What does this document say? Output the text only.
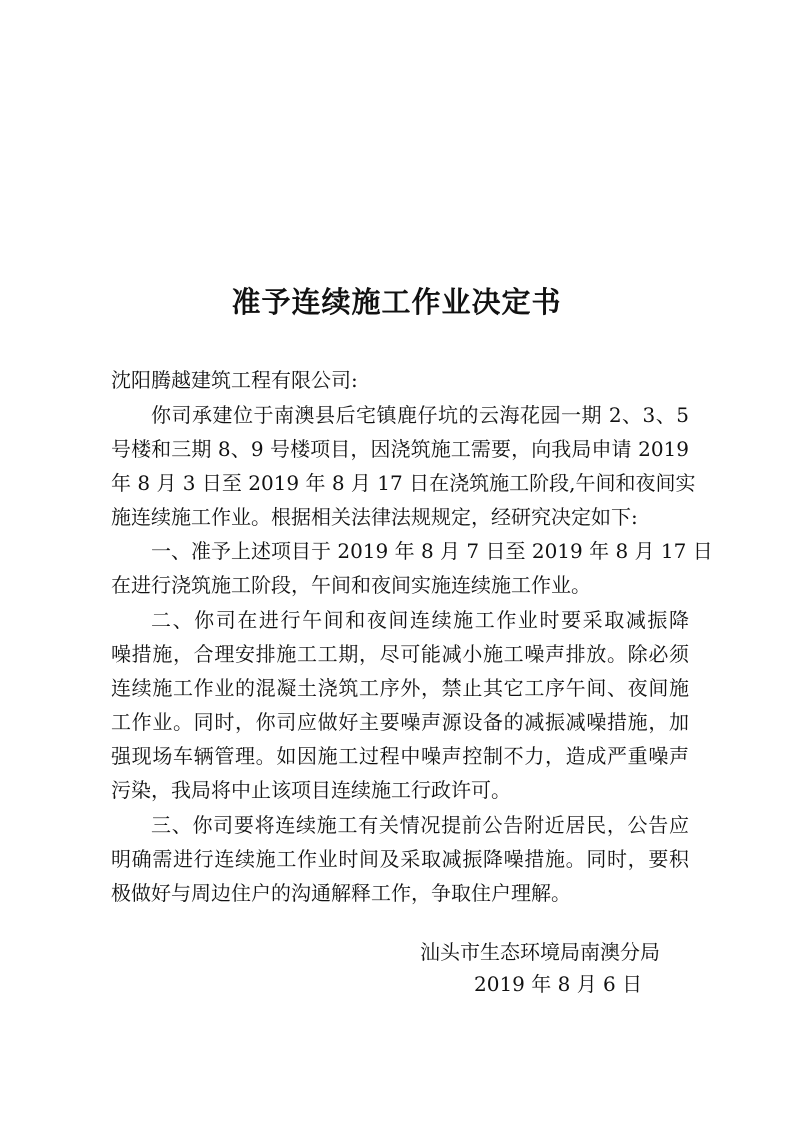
准予连续施工作业决定书
沈阳腾越建筑工程有限公司:
你司承建位于南澳县后宅镇鹿仔坑的云海花园一期 2、3、5
号楼和三期 8、9 号楼项目，因浇筑施工需要，向我局申请 2019
年 8 月 3 日至 2019 年 8 月 17 日在浇筑施工阶段,午间和夜间实
施连续施工作业。根据相关法律法规规定，经研究决定如下:
一、准予上述项目于 2019 年 8 月 7 日至 2019 年 8 月 17 日
在进行浇筑施工阶段，午间和夜间实施连续施工作业。
二、你司在进行午间和夜间连续施工作业时要采取减振降
噪措施，合理安排施工工期，尽可能减小施工噪声排放。除必须
连续施工作业的混凝土浇筑工序外，禁止其它工序午间、夜间施
工作业。同时，你司应做好主要噪声源设备的减振减噪措施，加
强现场车辆管理。如因施工过程中噪声控制不力，造成严重噪声
污染，我局将中止该项目连续施工行政许可。
三、你司要将连续施工有关情况提前公告附近居民，公告应
明确需进行连续施工作业时间及采取减振降噪措施。同时，要积
极做好与周边住户的沟通解释工作，争取住户理解。
汕头市生态环境局南澳分局
2019 年 8 月 6 日
